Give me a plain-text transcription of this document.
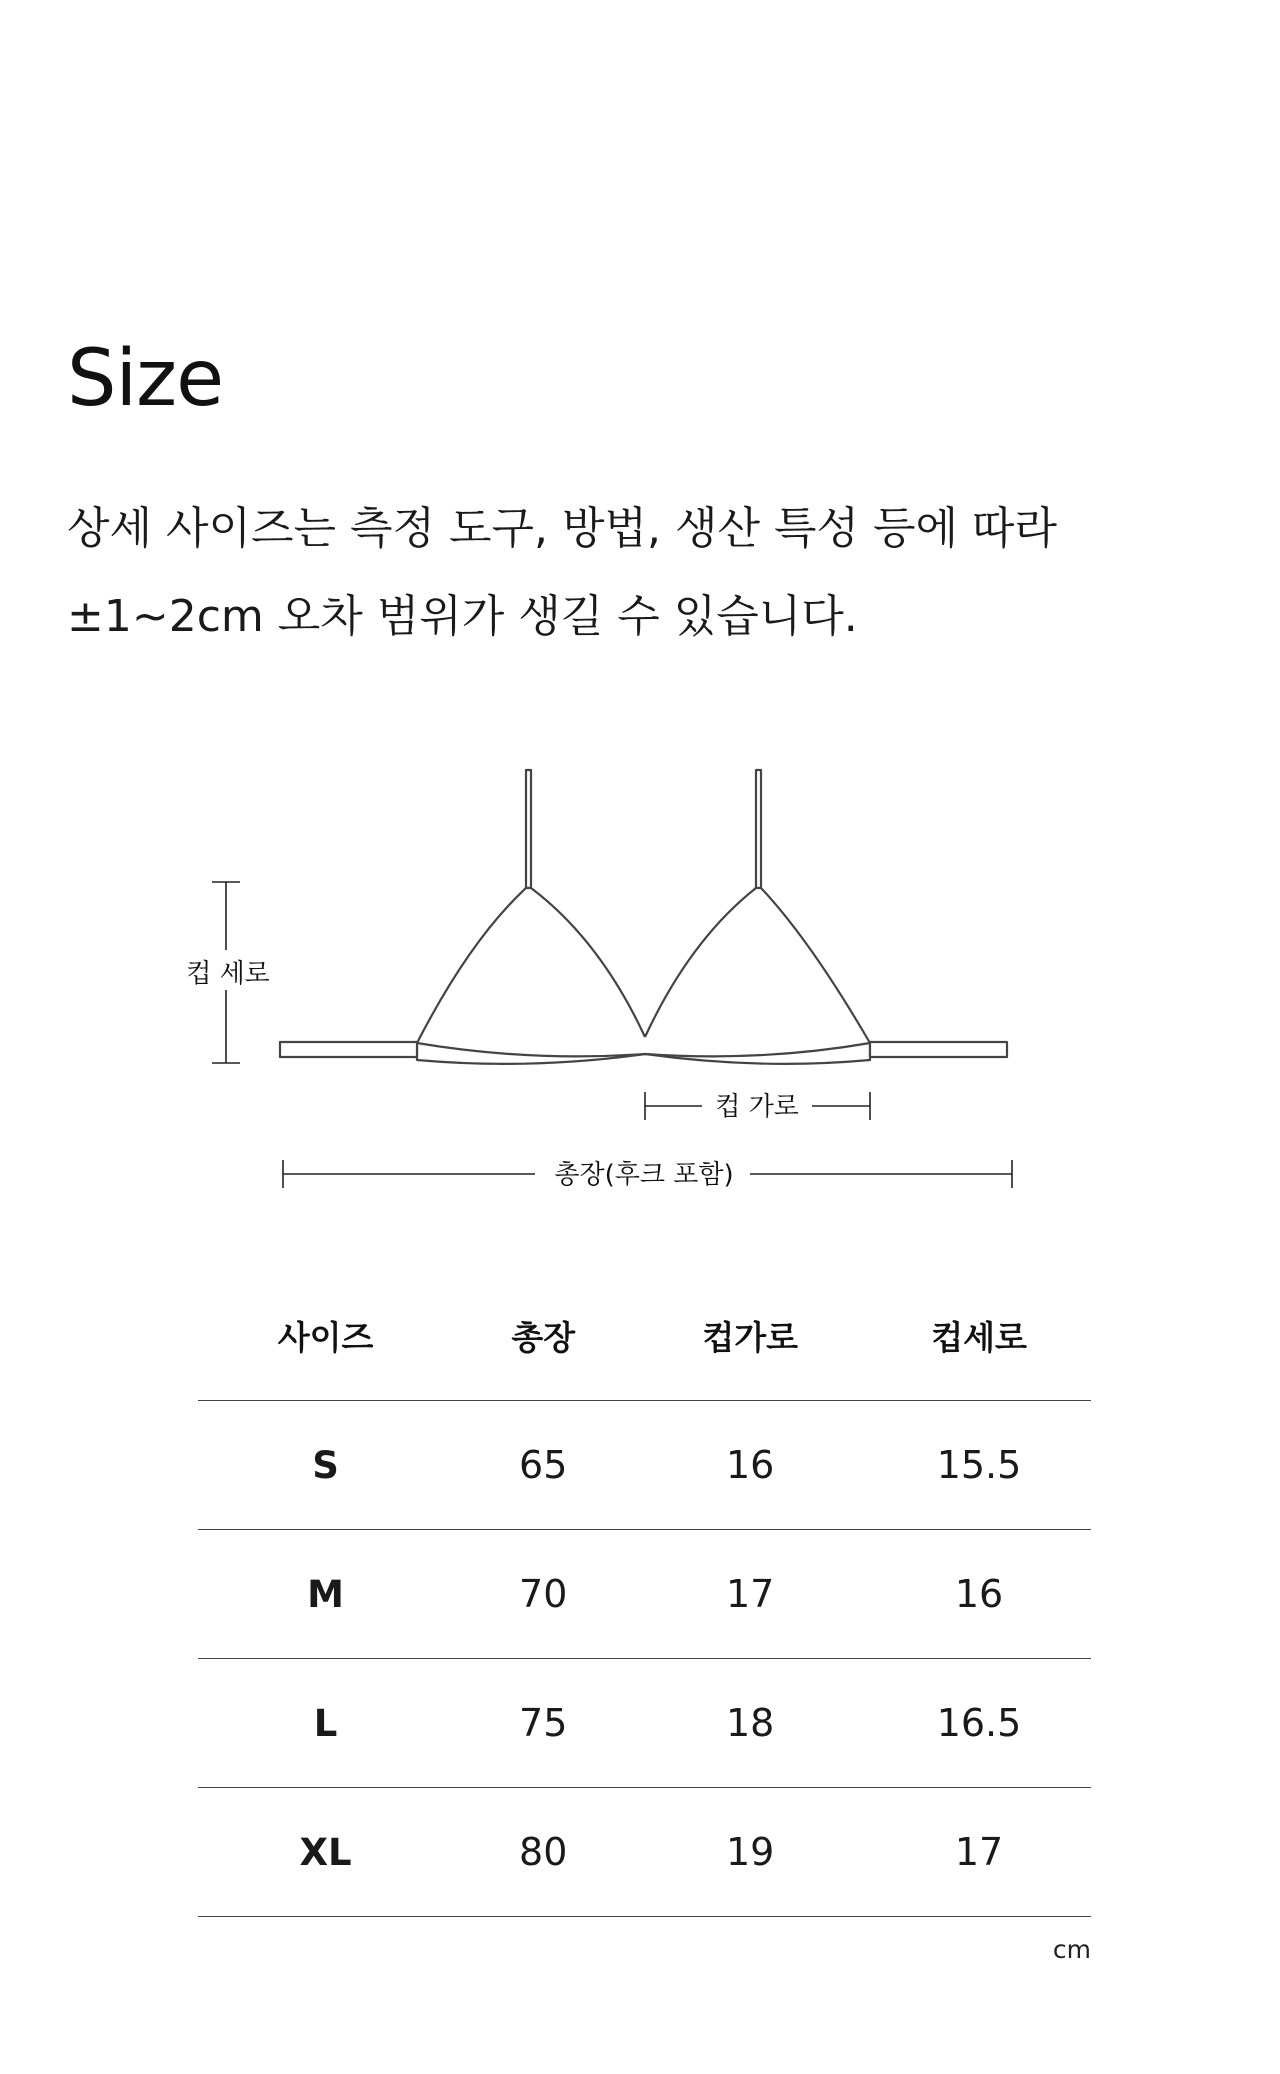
Size
상세 사이즈는 측정 도구, 방법, 생산 특성 등에 따라
±1~2cm 오차 범위가 생길 수 있습니다.
컵 세로
컵 가로
총장(후크 포함)
사이즈	총장	컵가로	컵세로
S	65	16	15.5
M	70	17	16
L	75	18	16.5
XL	80	19	17
cm
